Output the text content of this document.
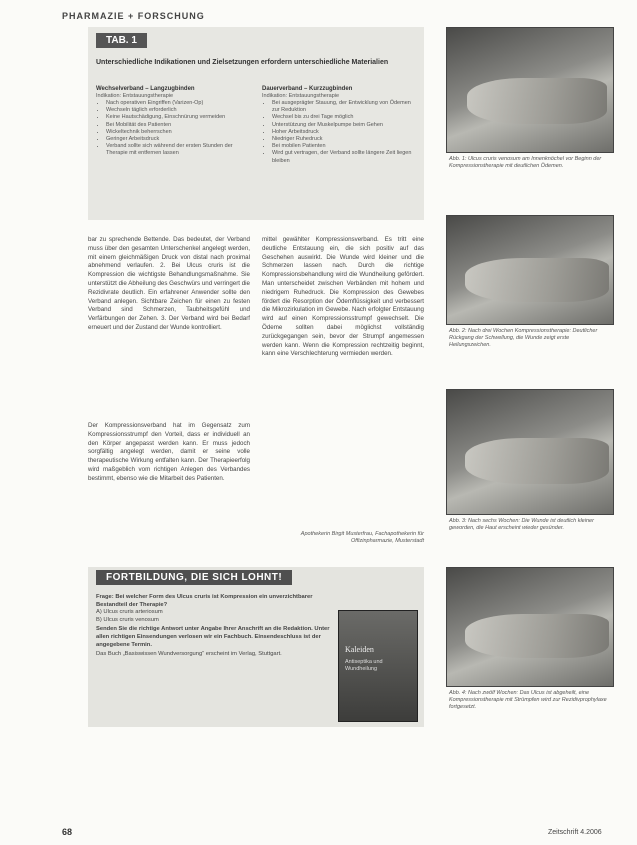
PHARMAZIE + FORSCHUNG
TAB. 1
Unterschiedliche Indikationen und Zielsetzungen erfordern unterschiedliche Materialien
Wechselverband – Langzugbinden
Indikation: Entstauungstherapie
• Nach operativen Eingriffen (Varizen-Op)
• Wechseln täglich erforderlich
• Keine Hautschädigung, Einschnürung vermeiden
• Bei Mobilität des Patienten
• Wickeltechnik beherrschen
• Geringer Arbeitsdruck
• Verband sollte sich während der ersten Stunden der Therapie mit entfernen lassen
Dauerverband – Kurzzugbinden
Indikation: Entstauungstherapie
• Bei ausgeprägter Stauung, der Entwicklung von Ödemen zur Reduktion
• Wechsel bis zu drei Tage möglich
• Unterstützung der Muskelpumpe beim Gehen
• Hoher Arbeitsdruck
• Niedriger Ruhedruck
• Bei mobilen Patienten
• Wird gut vertragen, der Verband sollte längere Zeit liegen bleiben
bar zu sprechende Bettende. Das bedeutet, der Verband muss über den gesamten Unterschenkel angelegt werden, mit einem gleichmäßigen Druck von distal nach proximal abnehmend verlaufen. 2. Bei Ulcus cruris ist die Kompression die wichtigste Behandlungsmaßnahme. Sie unterstützt die Abheilung des Geschwürs und verringert die Rezidivrate deutlich. Ein erfahrener Anwender sollte den Verband anlegen. Sichtbare Zeichen für einen zu festen Verband sind Schmerzen, Taubheitsgefühl und Verfärbungen der Zehen. 3. Der Verband wird bei Bedarf erneuert und der Zustand der Wunde kontrolliert.
Der Kompressionsverband hat im Gegensatz zum Kompressionsstrumpf den Vorteil, dass er individuell an den Körper angepasst werden kann. Er muss jedoch sorgfältig angelegt werden, damit er seine volle therapeutische Wirkung entfalten kann. Der Therapieerfolg wird maßgeblich vom richtigen Anlegen des Verbandes bestimmt, ebenso wie die Mitarbeit des Patienten.
mittel gewählter Kompressionsverband. Es tritt eine deutliche Entstauung ein, die sich positiv auf das Geschehen auswirkt. Die Wunde wird kleiner und die Schmerzen lassen nach. Durch die richtige Kompressionsbehandlung wird die Wundheilung gefördert. Man unterscheidet zwischen Verbänden mit hohem und niedrigem Ruhedruck. Die Kompression des Gewebes fördert die Resorption der Ödemflüssigkeit und verbessert die Mikrozirkulation im Gewebe. Nach erfolgter Entstauung wird auf einen Kompressionsstrumpf gewechselt. Die Ödeme sollten dabei möglichst vollständig zurückgegangen sein, bevor der Strumpf angemessen werden kann. Wenn die Kompression rechtzeitig beginnt, kann eine Verschlechterung vermieden werden.
Apothekerin Birgit Musterfrau, Fachapothekerin für Offizinpharmazie, Musterstadt
Abb. 1: Ulcus cruris venosum am Innenknöchel vor Beginn der Kompressionstherapie mit deutlichen Ödemen.
Abb. 2: Nach drei Wochen Kompressionstherapie: Deutlicher Rückgang der Schwellung, die Wunde zeigt erste Heilungszeichen.
Abb. 3: Nach sechs Wochen: Die Wunde ist deutlich kleiner geworden, die Haut erscheint wieder gesünder.
Abb. 4: Nach zwölf Wochen: Das Ulcus ist abgeheilt, eine Kompressionstherapie mit Strümpfen wird zur Rezidivprophylaxe fortgesetzt.
FORTBILDUNG, DIE SICH LOHNT!
Frage: Bei welcher Form des Ulcus cruris ist Kompression ein unverzichtbarer Bestandteil der Therapie?
A) Ulcus cruris arteriosum
B) Ulcus cruris venosum
Senden Sie die richtige Antwort unter Angabe Ihrer Anschrift an die Redaktion. Unter allen richtigen Einsendungen verlosen wir ein Fachbuch. Einsendeschluss ist der angegebene Termin.
Das Buch „Basiswissen Wundversorgung“ erscheint im Verlag, Stuttgart.
Kaleiden
Antiseptika und Wundheilung
68	Zeitschrift 4.2006
